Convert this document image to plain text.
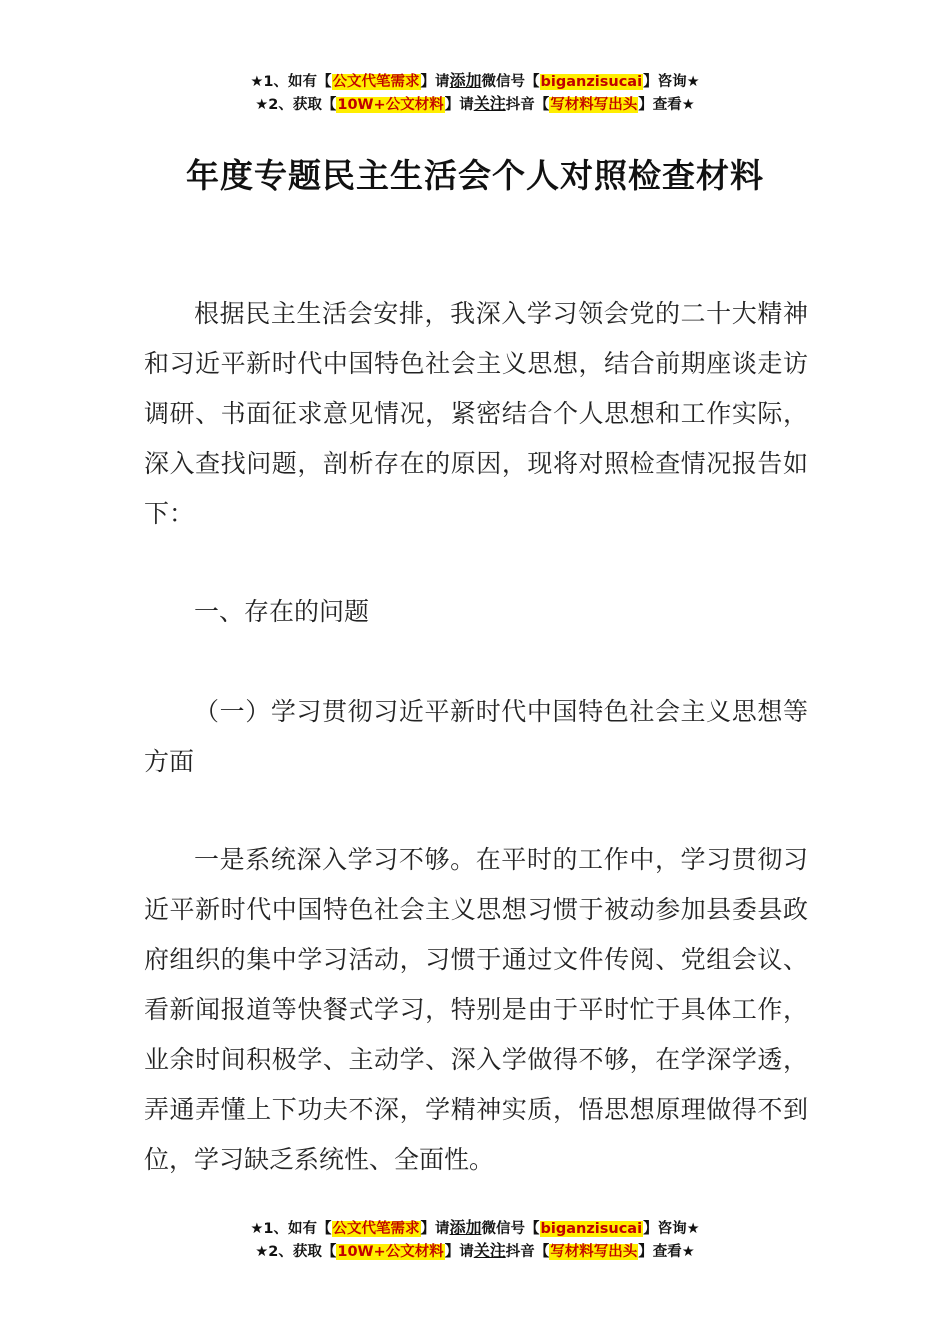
★1、如有【公文代笔需求】请添加微信号【biganzisucai】咨询★
★2、获取【10W+公文材料】请关注抖音【写材料写出头】查看★
年度专题民主生活会个人对照检查材料

根据民主生活会安排，我深入学习领会党的二十大精神和习近平新时代中国特色社会主义思想，结合前期座谈走访调研、书面征求意见情况，紧密结合个人思想和工作实际，深入查找问题，剖析存在的原因，现将对照检查情况报告如下：

一、存在的问题

（一）学习贯彻习近平新时代中国特色社会主义思想等方面

一是系统深入学习不够。在平时的工作中，学习贯彻习近平新时代中国特色社会主义思想习惯于被动参加县委县政府组织的集中学习活动，习惯于通过文件传阅、党组会议、看新闻报道等快餐式学习，特别是由于平时忙于具体工作，业余时间积极学、主动学、深入学做得不够，在学深学透，弄通弄懂上下功夫不深，学精神实质，悟思想原理做得不到位，学习缺乏系统性、全面性。

★1、如有【公文代笔需求】请添加微信号【biganzisucai】咨询★
★2、获取【10W+公文材料】请关注抖音【写材料写出头】查看★
